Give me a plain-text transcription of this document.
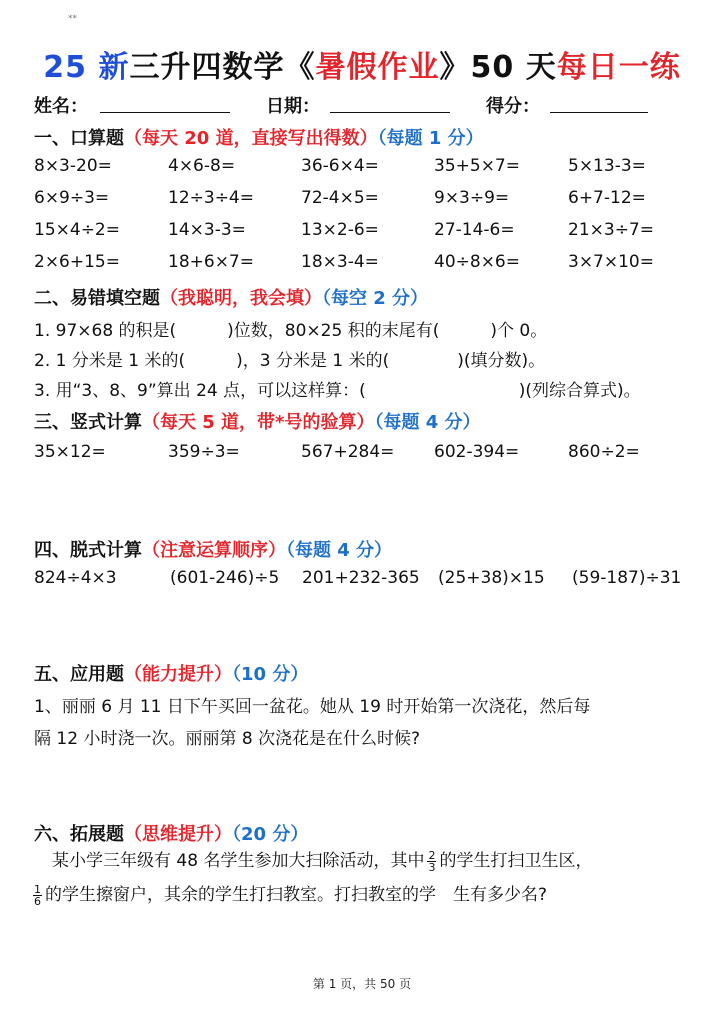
**
25 新三升四数学《暑假作业》50 天每日一练
姓名：	日期：	得分：
一、口算题（每天 20 道，直接写出得数）（每题 1 分）
8×3-20=	4×6-8=	36-6×4=	35+5×7=	5×13-3=
6×9÷3=	12÷3÷4=	72-4×5=	9×3÷9=	6+7-12=
15×4÷2=	14×3-3=	13×2-6=	27-14-6=	21×3÷7=
2×6+15=	18+6×7=	18×3-4=	40÷8×6=	3×7×10=
二、易错填空题（我聪明，我会填）（每空 2 分）
1. 97×68 的积是(　　　)位数，80×25 积的末尾有(　　　)个 0。
2. 1 分米是 1 米的(　　　)，3 分米是 1 米的(　　　　)(填分数)。
3. 用“3、8、9”算出 24 点，可以这样算：(　　　　　　　　　)(列综合算式)。
三、竖式计算（每天 5 道，带*号的验算）（每题 4 分）
35×12=	359÷3=	567+284= 602-394=	860÷2=
四、脱式计算（注意运算顺序）（每题 4 分）
824÷4×3	(601-246)÷5 201+232-365 (25+38)×15 (59-187)÷31
五、应用题（能力提升）（10 分）
1、丽丽 6 月 11 日下午买回一盆花。她从 19 时开始第一次浇花，然后每
隔 12 小时浇一次。丽丽第 8 次浇花是在什么时候?
六、拓展题（思维提升）（20 分）
某小学三年级有 48 名学生参加大扫除活动，其中 $\frac{2}{3}$ 的学生打扫卫生区，
$\frac{1}{6}$ 的学生擦窗户，其余的学生打扫教室。打扫教室的学　生有多少名?
第 1 页，共 50 页
